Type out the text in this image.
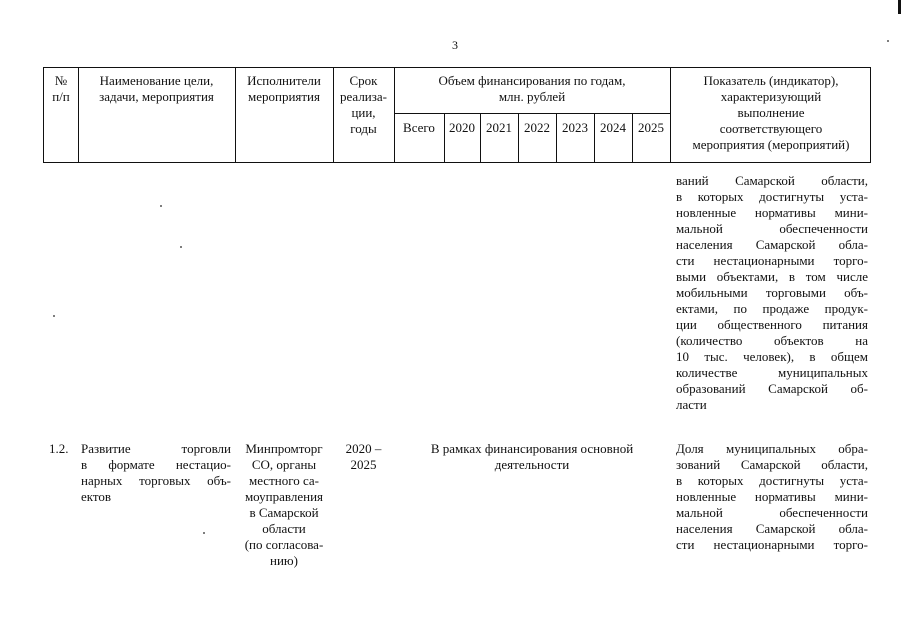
3
№
п/п
Наименование цели,
задачи, мероприятия
Исполнители
мероприятия
Срок
реализа-
ции,
годы
Объем финансирования по годам,
млн. рублей
Всего	2020 2021 2022 2023 2024 2025
Показатель (индикатор),
характеризующий
выполнение
соответствующего
мероприятия (мероприятий)
ваний Самарской области,
в которых достигнуты уста-
новленные нормативы мини-
мальной обеспеченности
населения Самарской обла-
сти нестационарными торго-
выми объектами, в том числе
мобильными торговыми объ-
ектами, по продаже продук-
ции общественного питания
(количество объектов на
10 тыс. человек), в общем
количестве муниципальных
образований Самарской об-
ласти
1.2. Развитие торговли
в формате нестацио-
нарных торговых объ-
ектов
Минпромторг
СО, органы
местного са-
моуправления
в Самарской
области
(по согласова-
нию)
2020 –
2025
В рамках финансирования основной
деятельности
Доля муниципальных обра-
зований Самарской области,
в которых достигнуты уста-
новленные нормативы мини-
мальной обеспеченности
населения Самарской обла-
сти нестационарными торго-
